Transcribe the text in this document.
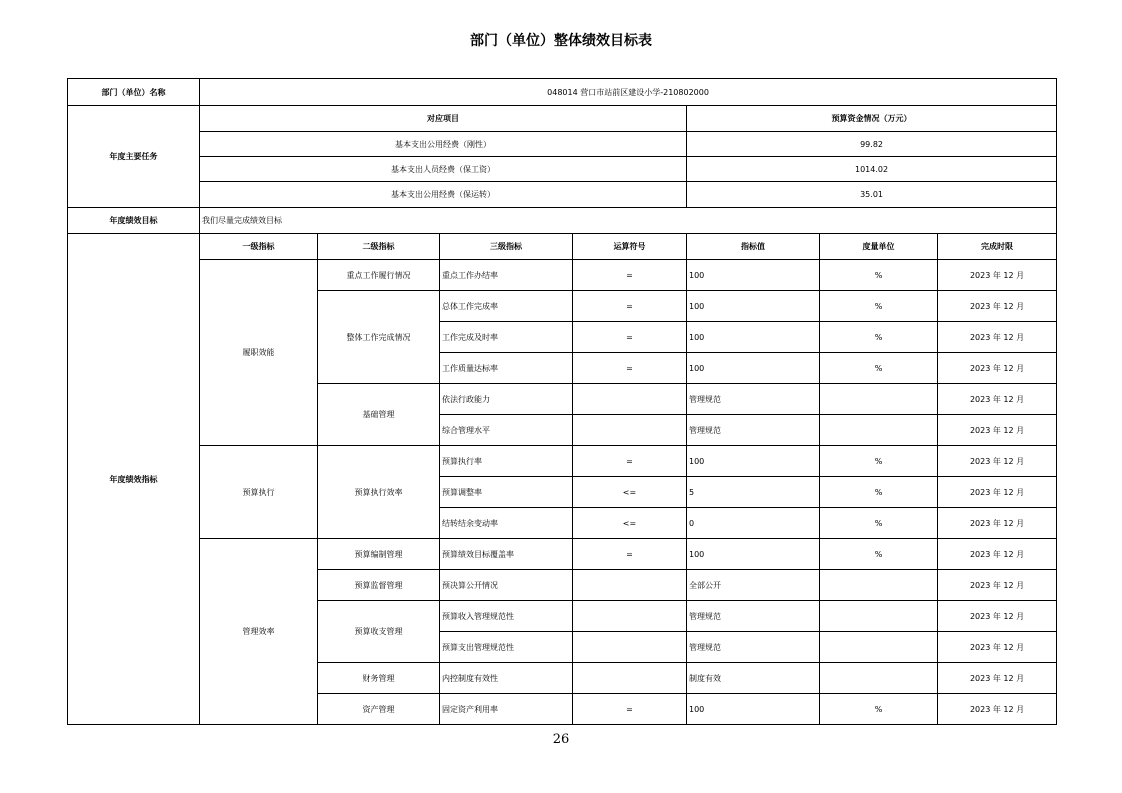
部门（单位）整体绩效目标表
部门（单位）名称	048014 营口市站前区建设小学-210802000						
年度主要任务	对应项目				预算资金情况（万元）		
	基本支出公用经费（刚性）				99.82		
	基本支出人员经费（保工资）				1014.02		
	基本支出公用经费（保运转）				35.01		
年度绩效目标	我们尽量完成绩效目标						
年度绩效指标	一级指标	二级指标	三级指标	运算符号	指标值	度量单位	完成时限
	履职效能	重点工作履行情况	重点工作办结率	=	100	%	2023 年 12 月
		整体工作完成情况	总体工作完成率	=	100	%	2023 年 12 月
			工作完成及时率	=	100	%	2023 年 12 月
			工作质量达标率	=	100	%	2023 年 12 月
		基础管理	依法行政能力		管理规范		2023 年 12 月
			综合管理水平		管理规范		2023 年 12 月
	预算执行	预算执行效率	预算执行率	=	100	%	2023 年 12 月
			预算调整率	<=	5	%	2023 年 12 月
			结转结余变动率	<=	0	%	2023 年 12 月
	管理效率	预算编制管理	预算绩效目标覆盖率	=	100	%	2023 年 12 月
		预算监督管理	预决算公开情况		全部公开		2023 年 12 月
		预算收支管理	预算收入管理规范性		管理规范		2023 年 12 月
			预算支出管理规范性		管理规范		2023 年 12 月
		财务管理	内控制度有效性		制度有效		2023 年 12 月
		资产管理	固定资产利用率	=	100	%	2023 年 12 月
26
